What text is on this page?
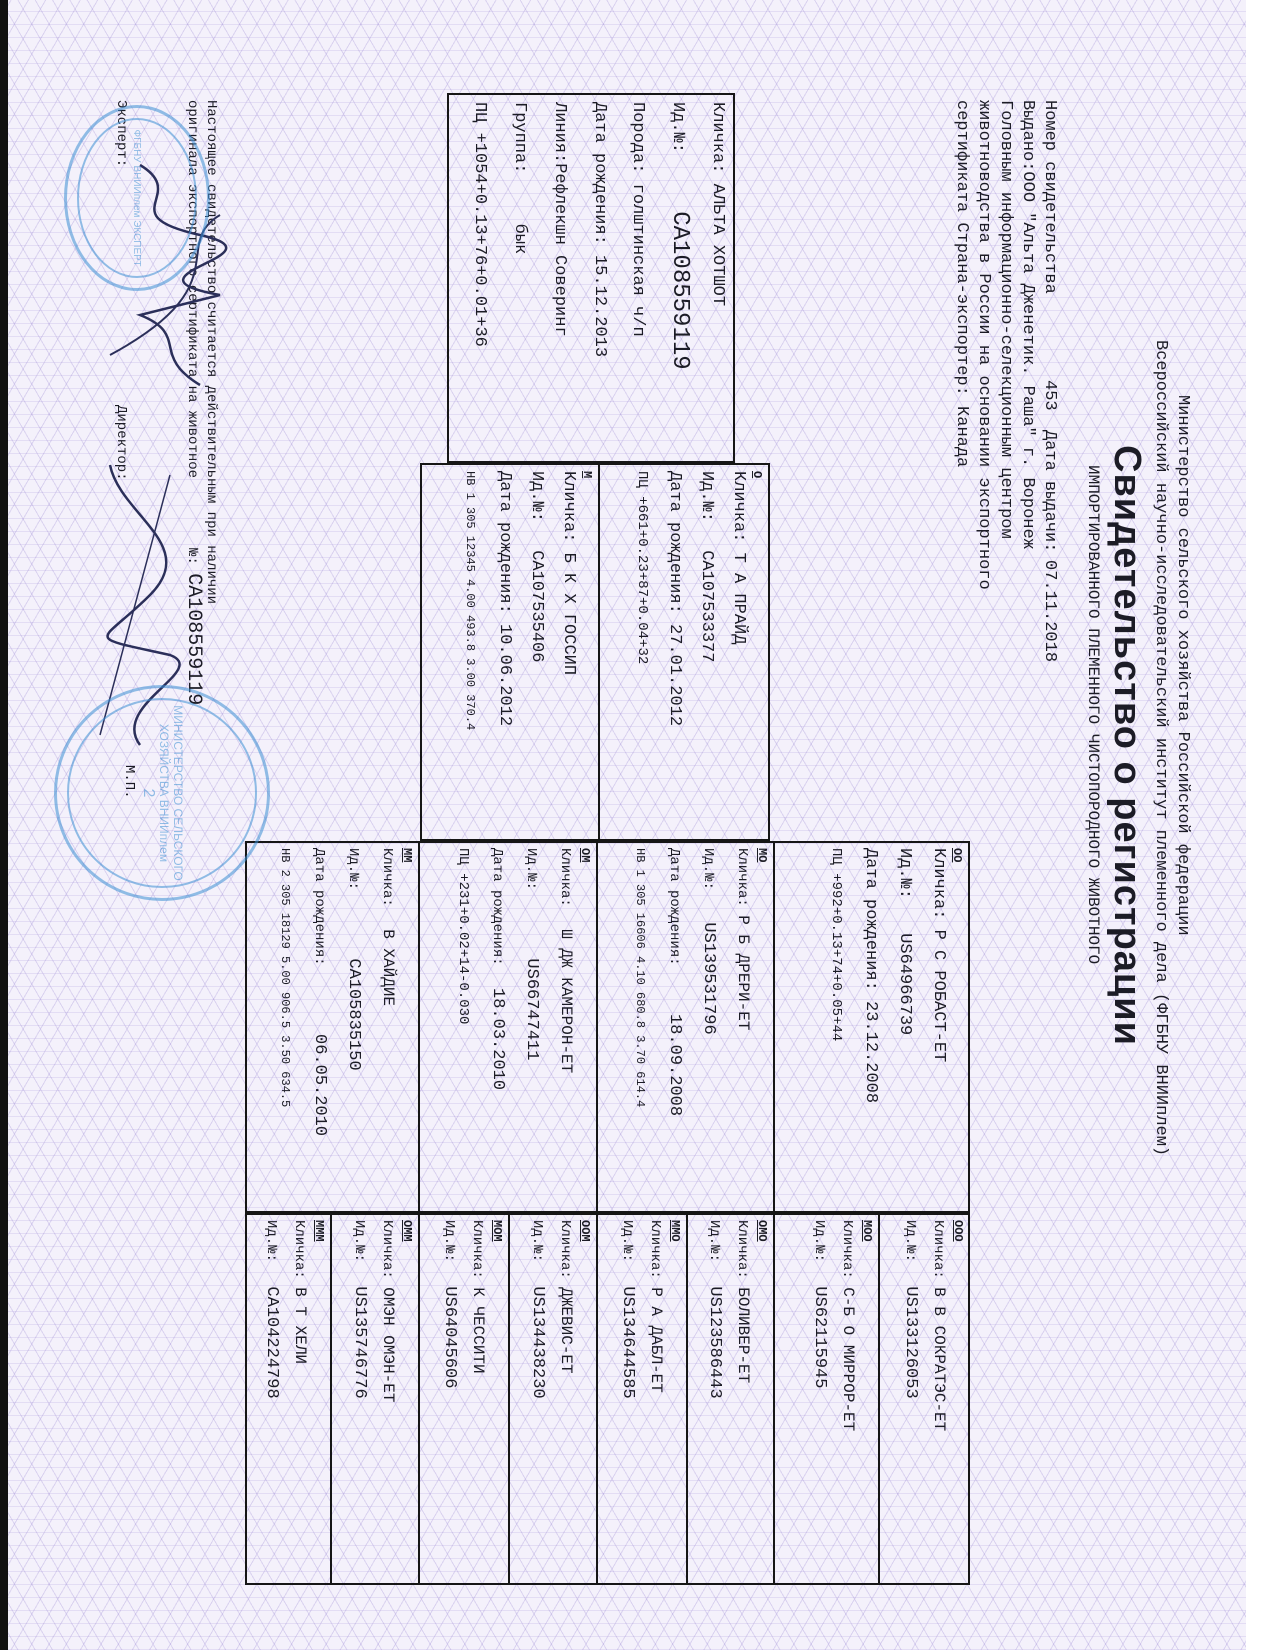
Министерство сельского хозяйства Российской федерации
Всероссийский научно-исследовательский институт племенного дела (ФГБНУ ВНИИплем)
Свидетельство о регистрации
ИМПОРТИРОВАННОГО ПЛЕМЕННОГО ЧИСТОПОРОДНОГО ЖИВОТНОГО
Номер свидетельства
453
Дата выдачи:
07.11.2018
Выдано:ООО "Альта Дженетик. Раша" г. Воронеж
Головным информационно-селекционным центром
животноводства в России на основании экспортного
сертификата Страна-экспортер: Канада
Кличка: АЛЬТА ХОТШОТ
Ид.№: CA108559119
Порода: голштинская ч/п
Дата рождения: 15.12.2013
Линия:Рефлекшн Соверинг
Группа: бык
ПЦ +1054+0.13+76+0.01+36
О
Кличка: Т А ПРАЙД
Ид.№: CA107533377
Дата рождения: 27.01.2012
ПЦ +661+0.23+87+0.04+32
М
Кличка: Б К Х ГОССИП
Ид.№: CA107535406
Дата рождения: 10.06.2012
НВ 1 305 12345 4.00 493.8 3.00 370.4
ОО
Кличка: Р С РОБАСТ-ЕТ
Ид.№: US64966739
Дата рождения: 23.12.2008
ПЦ +992+0.13+74+0.05+44
МО
Кличка: Р Б ДРЕРИ-ЕТ
Ид.№: US139531796
Дата рождения: 18.09.2008
НВ 1 305 16606 4.10 680.8 3.70 614.4
ОМ
Кличка: Ш ДЖ КАМЕРОН-ЕТ
Ид.№: US66747411
Дата рождения: 18.03.2010
ПЦ +231+0.02+14-0.030
ММ
Кличка: В ХАЙДИЕ
Ид.№: CA105835150
Дата рождения: 06.05.2010
НВ 2 305 18129 5.00 906.5 3.50 634.5
ООО
Кличка: В В СОКРАТЭС-ЕТ
Ид.№: US133126053
МОО
Кличка: С-Б О МИРРОР-ЕТ
Ид.№: US62115945
ОМО
Кличка: БОЛИВЕР-ЕТ
Ид.№: US123586443
ММО
Кличка: Р А ДАБЛ-ЕТ
Ид.№: US134644585
ООМ
Кличка: ДЖЕВИС-ЕТ
Ид.№: US134438230
МОМ
Кличка: К ЧЕССИТИ
Ид.№: US64045606
ОММ
Кличка: ОМЭН ОМЭН-ЕТ
Ид.№: US135746776
МММ
Кличка: В Т ХЕЛИ
Ид.№: CA104224798
Настоящее свидетельство считается действительным при наличии
оригинала экспортного сертификата на животное№: CA108559119
Эксперт:
Директор:
М.П.
ФГБНУ ВНИИплем ЭКСПЕРТ
МИНИСТЕРСТВО СЕЛЬСКОГО ХОЗЯЙСТВА ВНИИплем
2
